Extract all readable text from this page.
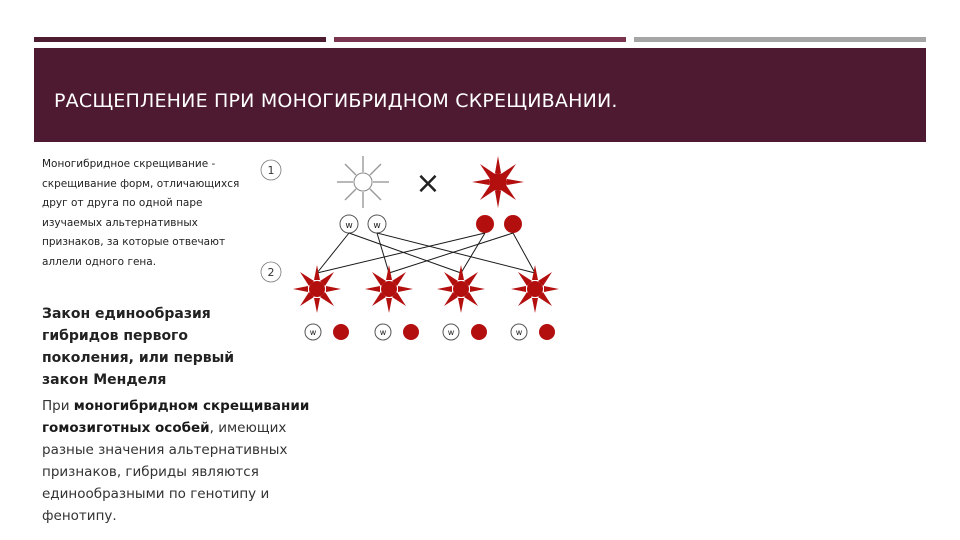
РАСЩЕПЛЕНИЕ ПРИ МОНОГИБРИДНОМ СКРЕЩИВАНИИ.
Моногибридное скрещивание - скрещивание форм, отличающихся друг от друга по одной паре изучаемых альтернативных признаков, за которые отвечают аллели одного гена.
Закон единообразия гибридов первого поколения, или первый закон Менделя
При моногибридном скрещивании гомозиготных особей, имеющих разные значения альтернативных признаков, гибриды являются единообразными по генотипу и фенотипу.
1
2
×
w w	R R
w	R	w	R	w	R	w	R
